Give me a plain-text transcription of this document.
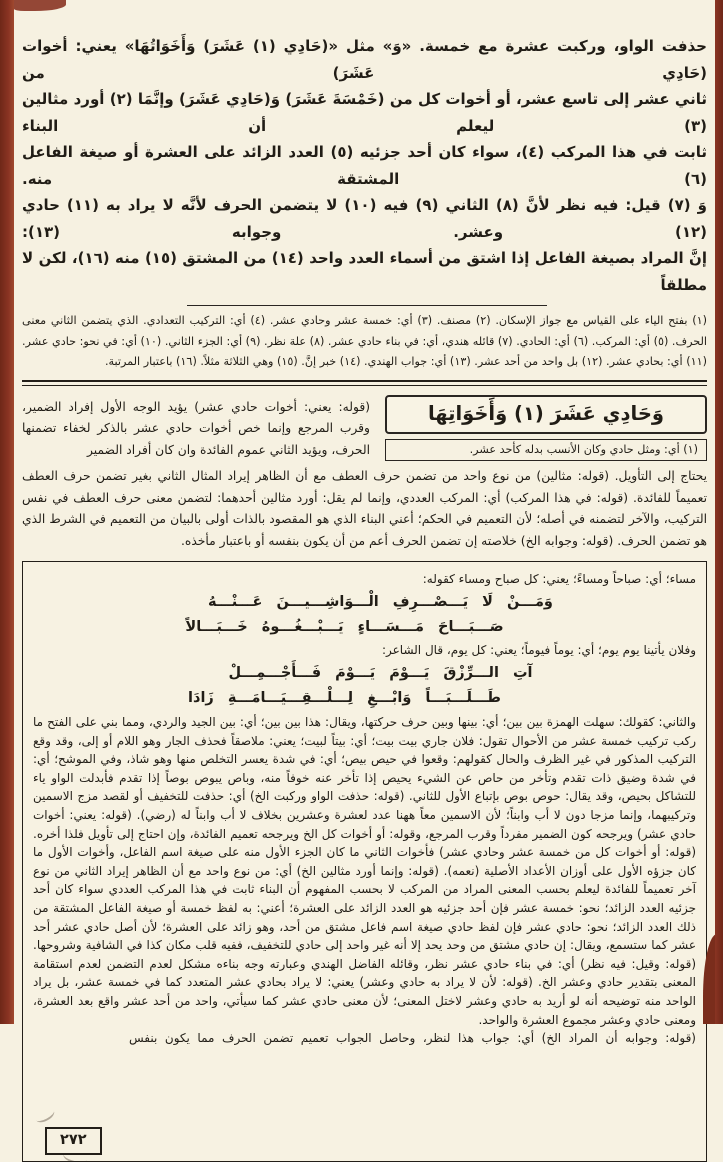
حذفت الواو، وركبت عشرة مع خمسة. «وَ» مثل «(حَادِي (١) عَشَرَ) وَأَخَوَاتُهَا» يعني: أخوات (حَادِي عَشَرَ) من
ثاني عشر إلى تاسع عشر، أو أخوات كل من (خَمْسَةَ عَشَرَ) وَ(حَادِي عَشَرَ) وإنَّمَا (٢) أورد مثالين (٣) ليعلم أن البناء
ثابت في هذا المركب (٤)، سواء كان أحد جزئيه (٥) العدد الزائد على العشرة أو صيغة الفاعل (٦) المشتقة منه.
وَ (٧) قيل: فيه نظر لأنَّ (٨) الثاني (٩) فيه (١٠) لا يتضمن الحرف لأنَّه لا يراد به (١١) حادي (١٢) وعشر. وجوابه (١٣):
إنَّ المراد بصيغة الفاعل إذا اشتق من أسماء العدد واحد (١٤) من المشتق (١٥) منه (١٦)، لكن لا مطلقاً
(١) بفتح الياء على القياس مع جواز الإسكان. (٢) مصنف. (٣) أي: خمسة عشر وحادي عشر. (٤) أي: التركيب التعدادي. الذي يتضمن الثاني معنى الحرف. (٥) أي: المركب. (٦) أي: الحادي. (٧) قائله هندي، أي: في بناء حادي عشر. (٨) علة نظر. (٩) أي: الجزء الثاني. (١٠) أي: في نحو: حادي عشر. (١١) أي: بحادي عشر. (١٢) بل واحد من أحد عشر. (١٣) أي: جواب الهندي. (١٤) خبر إنَّ. (١٥) وهي الثلاثة مثلاً. (١٦) باعتبار المرتبة.
وَحَادِي عَشَرَ (١) وَأَخَوَاتِهَا
(١) أي: ومثل حادي وكان الأنسب بدله كأحد عشر.
(قوله: يعني: أخوات حادي عشر) يؤيد الوجه الأول إفراد الضمير، وقرب المرجع وإنما خص أخوات حادي عشر بالذكر لخفاء تضمنها الحرف، ويؤيد الثاني عموم الفائدة وان كان أفراد الضمير
يحتاج إلى التأويل. (قوله: مثالين) من نوع واحد من تضمن حرف العطف مع أن الظاهر إيراد المثال الثاني بغير تضمن حرف العطف تعميماً للفائدة. (قوله: في هذا المركب) أي: المركب العددي، وإنما لم يقل: أورد مثالين أحدهما: لتضمن معنى حرف العطف في نفس التركيب، والآخر لتضمنه في أصله؛ لأن التعميم في الحكم؛ أعني البناء الذي هو المقصود بالذات أولى بالبيان من التعميم في الشرط الذي هو تضمن الحرف. (قوله: وجوابه الخ) خلاصته إن تضمن الحرف أعم من أن يكون بنفسه أو باعتبار مأخذه.
مساء؛ أي: صباحاً ومساءً؛ يعني: كل صباح ومساء كقوله:
وَمَـــنْ لَا يَـــصْـــرِفِ الْـــوَاشِـــيـــنَ عَـــنْـــهُ
صَـــبَـــاحَ مَـــسَـــاءٍ يَـــبْـــغُـــوهُ خَـــبَـــالاً
وفلان يأتينا يوم يوم؛ أي: يوماً فيوماً؛ يعني: كل يوم، قال الشاعر:
آتِ الـــرِّزْقَ يَـــوْمَ يَـــوْمَ فَـــأَجْـــمِـــلْ
طَـــلَـــبَـــاً وَابْـــغِ لِـــلْـــقِـــيَـــامَـــةِ زَادَا
والثاني: كقولك: سهلت الهمزة بين بين؛ أي: بينها وبين حرف حركتها، ويقال: هذا بين بين؛ أي: بين الجيد والردي، ومما بني على الفتح ما ركب تركيب خمسة عشر من الأحوال تقول: فلان جاري بيت بيت؛ أي: بيتاً لبيت؛ يعني: ملاصقاً فحذف الجار وهو اللام أو إلى، وقد وقع التركيب المذكور في غير الظرف والحال كقولهم: وقعوا في حيص بيص؛ أي: في شدة يعسر التخلص منها وهو شاذ، وفي الموشح؛ أي: في شدة وضيق ذات تقدم وتأخر من حاص عن الشيء يحيص إذا تأخر عنه خوفاً منه، وباص يبوص بوصاً إذا تقدم فأبدلت الواو ياء للتشاكل بحيص، وقد يقال: حوص بوص بإتباع الأول للثاني. (قوله: حذفت الواو وركبت الخ) أي: حذفت للتخفيف أو لقصد مزج الاسمين وتركيبهما، وإنما مزجا دون لا أب وابناً؛ لأن الاسمين معاً ههنا عدد لعشرة وعشرين بخلاف لا أب وابناً له (رضي). (قوله: يعني: أخوات حادي عشر) ويرجحه كون الضمير مفرداً وقرب المرجع، وقوله: أو أخوات كل الخ ويرجحه تعميم الفائدة، وإن احتاج إلى تأويل فلذا أخره. (قوله: أو أخوات كل من خمسة عشر وحادي عشر) فأخوات الثاني ما كان الجزء الأول منه على صيغة اسم الفاعل، وأخوات الأول ما كان جزؤه الأول على أوزان الأعداد الأصلية (نعمه). (قوله: وإنما أورد مثالين الخ) أي: من نوع واحد مع أن الظاهر إيراد الثاني من نوع آخر تعميماً للفائدة ليعلم بحسب المعنى المراد من المركب لا بحسب المفهوم أن البناء ثابت في هذا المركب العددي سواء كان أحد جزئيه العدد الزائد؛ نحو: خمسة عشر فإن أحد جزئيه هو العدد الزائد على العشرة؛ أعني: به لفظ خمسة أو صيغة الفاعل المشتقة من ذلك العدد الزائد؛ نحو: حادي عشر فإن لفظ حادي صيغة اسم فاعل مشتق من أحد، وهو زائد على العشرة؛ لأن أصل حادي عشر أحد عشر كما ستسمع، ويقال: إن حادي مشتق من وحد يحد إلا أنه غير واحد إلى حادي للتخفيف، ففيه قلب مكان كذا في الشافية وشروحها. (قوله: وقيل: فيه نظر) أي: في بناء حادي عشر نظر، وقائله الفاضل الهندي وعبارته وجه بناءه مشكل لعدم التضمن لعدم استقامة المعنى بتقدير حادي وعشر الخ. (قوله: لأن لا يراد به حادي وعشر) يعني: لا يراد بحادي عشر المتعدد كما في خمسة عشر، بل يراد الواحد منه توضيحه أنه لو أريد به حادي وعشر لاختل المعنى؛ لأن معنى حادي عشر كما سيأتي، واحد من أحد عشر واقع بعد العشرة، ومعنى حادي وعشر مجموع العشرة والواحد.
(قوله: وجوابه أن المراد الخ) أي: جواب هذا لنظر، وحاصل الجواب تعميم تضمن الحرف مما يكون بنفس
٢٧٢
